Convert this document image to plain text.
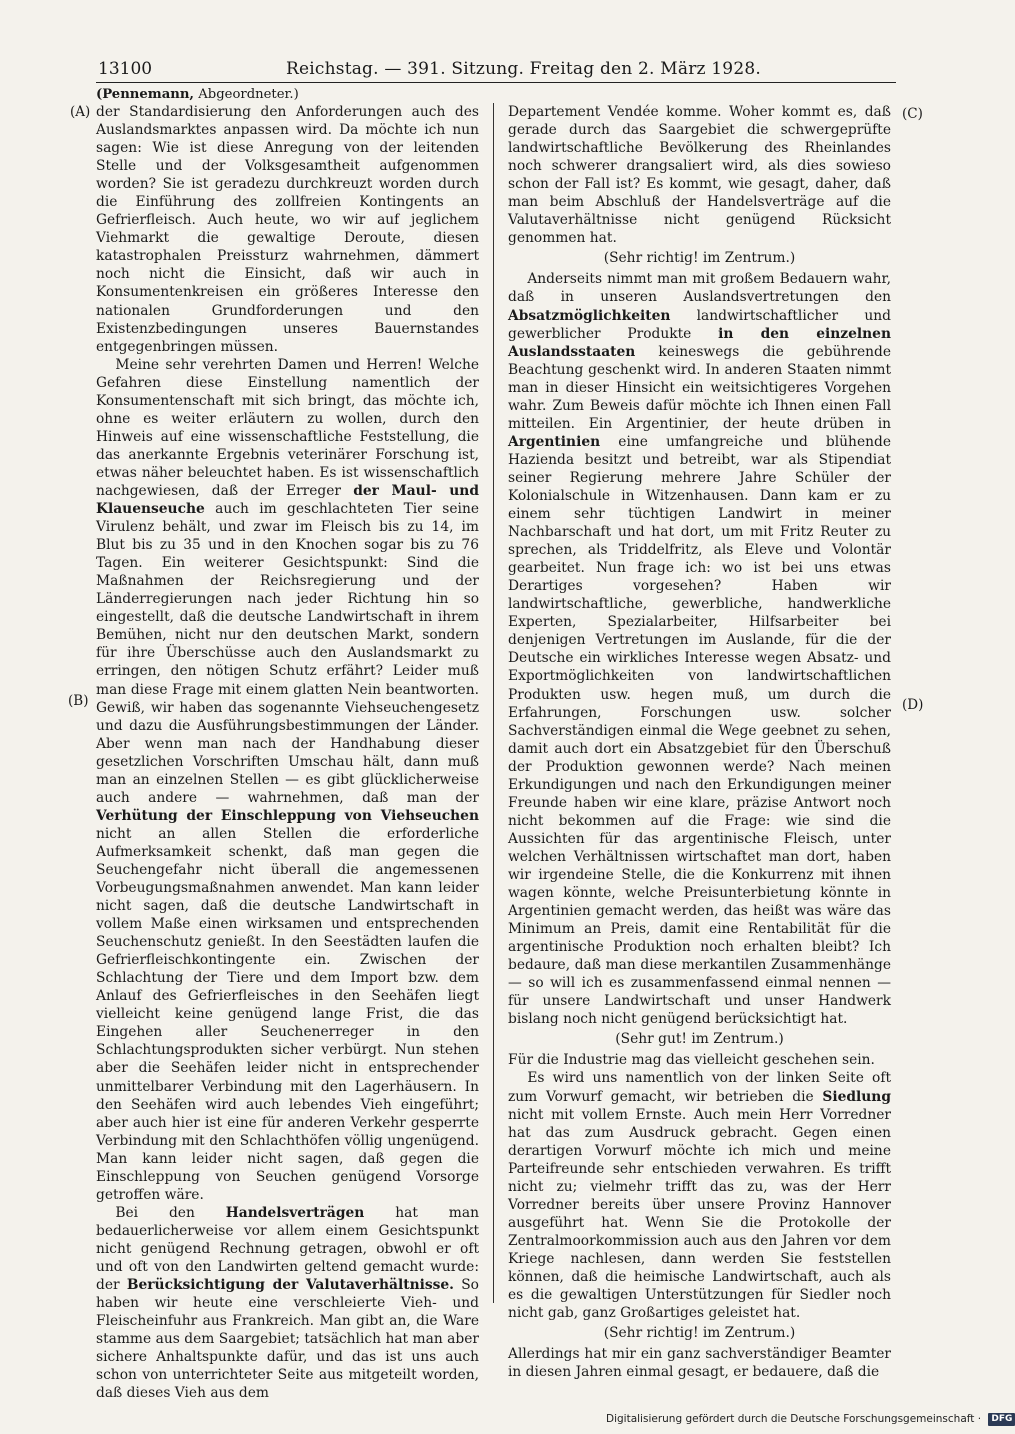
13100	Reichstag. — 391. Sitzung. Freitag den 2. März 1928.
(Pennemann, Abgeordneter.)
(A)
(B)
(C)
(D)

der Standardisierung den Anforderungen auch des Auslandsmarktes anpassen wird. Da möchte ich nun sagen: Wie ist diese Anregung von der leitenden Stelle und der Volksgesamtheit aufgenommen worden? Sie ist geradezu durchkreuzt worden durch die Einführung des zollfreien Kontingents an Gefrierfleisch. Auch heute, wo wir auf jeglichem Viehmarkt die gewaltige Deroute, diesen katastrophalen Preissturz wahrnehmen, dämmert noch nicht die Einsicht, daß wir auch in Konsumentenkreisen ein größeres Interesse den nationalen Grundforderungen und den Existenzbedingungen unseres Bauernstandes entgegenbringen müssen.

Meine sehr verehrten Damen und Herren! Welche Gefahren diese Einstellung namentlich der Konsumentenschaft mit sich bringt, das möchte ich, ohne es weiter erläutern zu wollen, durch den Hinweis auf eine wissenschaftliche Feststellung, die das anerkannte Ergebnis veterinärer Forschung ist, etwas näher beleuchtet haben. Es ist wissenschaftlich nachgewiesen, daß der Erreger der Maul- und Klauenseuche auch im geschlachteten Tier seine Virulenz behält, und zwar im Fleisch bis zu 14, im Blut bis zu 35 und in den Knochen sogar bis zu 76 Tagen. Ein weiterer Gesichtspunkt: Sind die Maßnahmen der Reichsregierung und der Länderregierungen nach jeder Richtung hin so eingestellt, daß die deutsche Landwirtschaft in ihrem Bemühen, nicht nur den deutschen Markt, sondern für ihre Überschüsse auch den Auslandsmarkt zu erringen, den nötigen Schutz erfährt? Leider muß man diese Frage mit einem glatten Nein beantworten. Gewiß, wir haben das sogenannte Viehseuchengesetz und dazu die Ausführungsbestimmungen der Länder. Aber wenn man nach der Handhabung dieser gesetzlichen Vorschriften Umschau hält, dann muß man an einzelnen Stellen — es gibt glücklicherweise auch andere — wahrnehmen, daß man der Verhütung der Einschleppung von Viehseuchen nicht an allen Stellen die erforderliche Aufmerksamkeit schenkt, daß man gegen die Seuchengefahr nicht überall die angemessenen Vorbeugungsmaßnahmen anwendet. Man kann leider nicht sagen, daß die deutsche Landwirtschaft in vollem Maße einen wirksamen und entsprechenden Seuchenschutz genießt. In den Seestädten laufen die Gefrierfleischkontingente ein. Zwischen der Schlachtung der Tiere und dem Import bzw. dem Anlauf des Gefrierfleisches in den Seehäfen liegt vielleicht keine genügend lange Frist, die das Eingehen aller Seuchenerreger in den Schlachtungsprodukten sicher verbürgt. Nun stehen aber die Seehäfen leider nicht in entsprechender unmittelbarer Verbindung mit den Lagerhäusern. In den Seehäfen wird auch lebendes Vieh eingeführt; aber auch hier ist eine für anderen Verkehr gesperrte Verbindung mit den Schlachthöfen völlig ungenügend. Man kann leider nicht sagen, daß gegen die Einschleppung von Seuchen genügend Vorsorge getroffen wäre.

Bei den Handelsverträgen hat man bedauerlicherweise vor allem einem Gesichtspunkt nicht genügend Rechnung getragen, obwohl er oft und oft von den Landwirten geltend gemacht wurde: der Berücksichtigung der Valutaverhältnisse. So haben wir heute eine verschleierte Vieh- und Fleischeinfuhr aus Frankreich. Man gibt an, die Ware stamme aus dem Saargebiet; tatsächlich hat man aber sichere Anhaltspunkte dafür, und das ist uns auch schon von unterrichteter Seite aus mitgeteilt worden, daß dieses Vieh aus dem

Departement Vendée komme. Woher kommt es, daß gerade durch das Saargebiet die schwergeprüfte landwirtschaftliche Bevölkerung des Rheinlandes noch schwerer drangsaliert wird, als dies sowieso schon der Fall ist? Es kommt, wie gesagt, daher, daß man beim Abschluß der Handelsverträge auf die Valutaverhältnisse nicht genügend Rücksicht genommen hat.

(Sehr richtig! im Zentrum.)

Anderseits nimmt man mit großem Bedauern wahr, daß in unseren Auslandsvertretungen den Absatzmöglichkeiten landwirtschaftlicher und gewerblicher Produkte in den einzelnen Auslandsstaaten keineswegs die gebührende Beachtung geschenkt wird. In anderen Staaten nimmt man in dieser Hinsicht ein weitsichtigeres Vorgehen wahr. Zum Beweis dafür möchte ich Ihnen einen Fall mitteilen. Ein Argentinier, der heute drüben in Argentinien eine umfangreiche und blühende Hazienda besitzt und betreibt, war als Stipendiat seiner Regierung mehrere Jahre Schüler der Kolonialschule in Witzenhausen. Dann kam er zu einem sehr tüchtigen Landwirt in meiner Nachbarschaft und hat dort, um mit Fritz Reuter zu sprechen, als Triddelfritz, als Eleve und Volontär gearbeitet. Nun frage ich: wo ist bei uns etwas Derartiges vorgesehen? Haben wir landwirtschaftliche, gewerbliche, handwerkliche Experten, Spezialarbeiter, Hilfsarbeiter bei denjenigen Vertretungen im Auslande, für die der Deutsche ein wirkliches Interesse wegen Absatz- und Exportmöglichkeiten von landwirtschaftlichen Produkten usw. hegen muß, um durch die Erfahrungen, Forschungen usw. solcher Sachverständigen einmal die Wege geebnet zu sehen, damit auch dort ein Absatzgebiet für den Überschuß der Produktion gewonnen werde? Nach meinen Erkundigungen und nach den Erkundigungen meiner Freunde haben wir eine klare, präzise Antwort noch nicht bekommen auf die Frage: wie sind die Aussichten für das argentinische Fleisch, unter welchen Verhältnissen wirtschaftet man dort, haben wir irgendeine Stelle, die die Konkurrenz mit ihnen wagen könnte, welche Preisunterbietung könnte in Argentinien gemacht werden, das heißt was wäre das Minimum an Preis, damit eine Rentabilität für die argentinische Produktion noch erhalten bleibt? Ich bedaure, daß man diese merkantilen Zusammenhänge — so will ich es zusammenfassend einmal nennen — für unsere Landwirtschaft und unser Handwerk bislang noch nicht genügend berücksichtigt hat.

(Sehr gut! im Zentrum.)

Für die Industrie mag das vielleicht geschehen sein.

Es wird uns namentlich von der linken Seite oft zum Vorwurf gemacht, wir betrieben die Siedlung nicht mit vollem Ernste. Auch mein Herr Vorredner hat das zum Ausdruck gebracht. Gegen einen derartigen Vorwurf möchte ich mich und meine Parteifreunde sehr entschieden verwahren. Es trifft nicht zu; vielmehr trifft das zu, was der Herr Vorredner bereits über unsere Provinz Hannover ausgeführt hat. Wenn Sie die Protokolle der Zentralmoorkommission auch aus den Jahren vor dem Kriege nachlesen, dann werden Sie feststellen können, daß die heimische Landwirtschaft, auch als es die gewaltigen Unterstützungen für Siedler noch nicht gab, ganz Großartiges geleistet hat.

(Sehr richtig! im Zentrum.)

Allerdings hat mir ein ganz sachverständiger Beamter in diesen Jahren einmal gesagt, er bedauere, daß die

Digitalisierung gefördert durch die Deutsche Forschungsgemeinschaft · DFG
